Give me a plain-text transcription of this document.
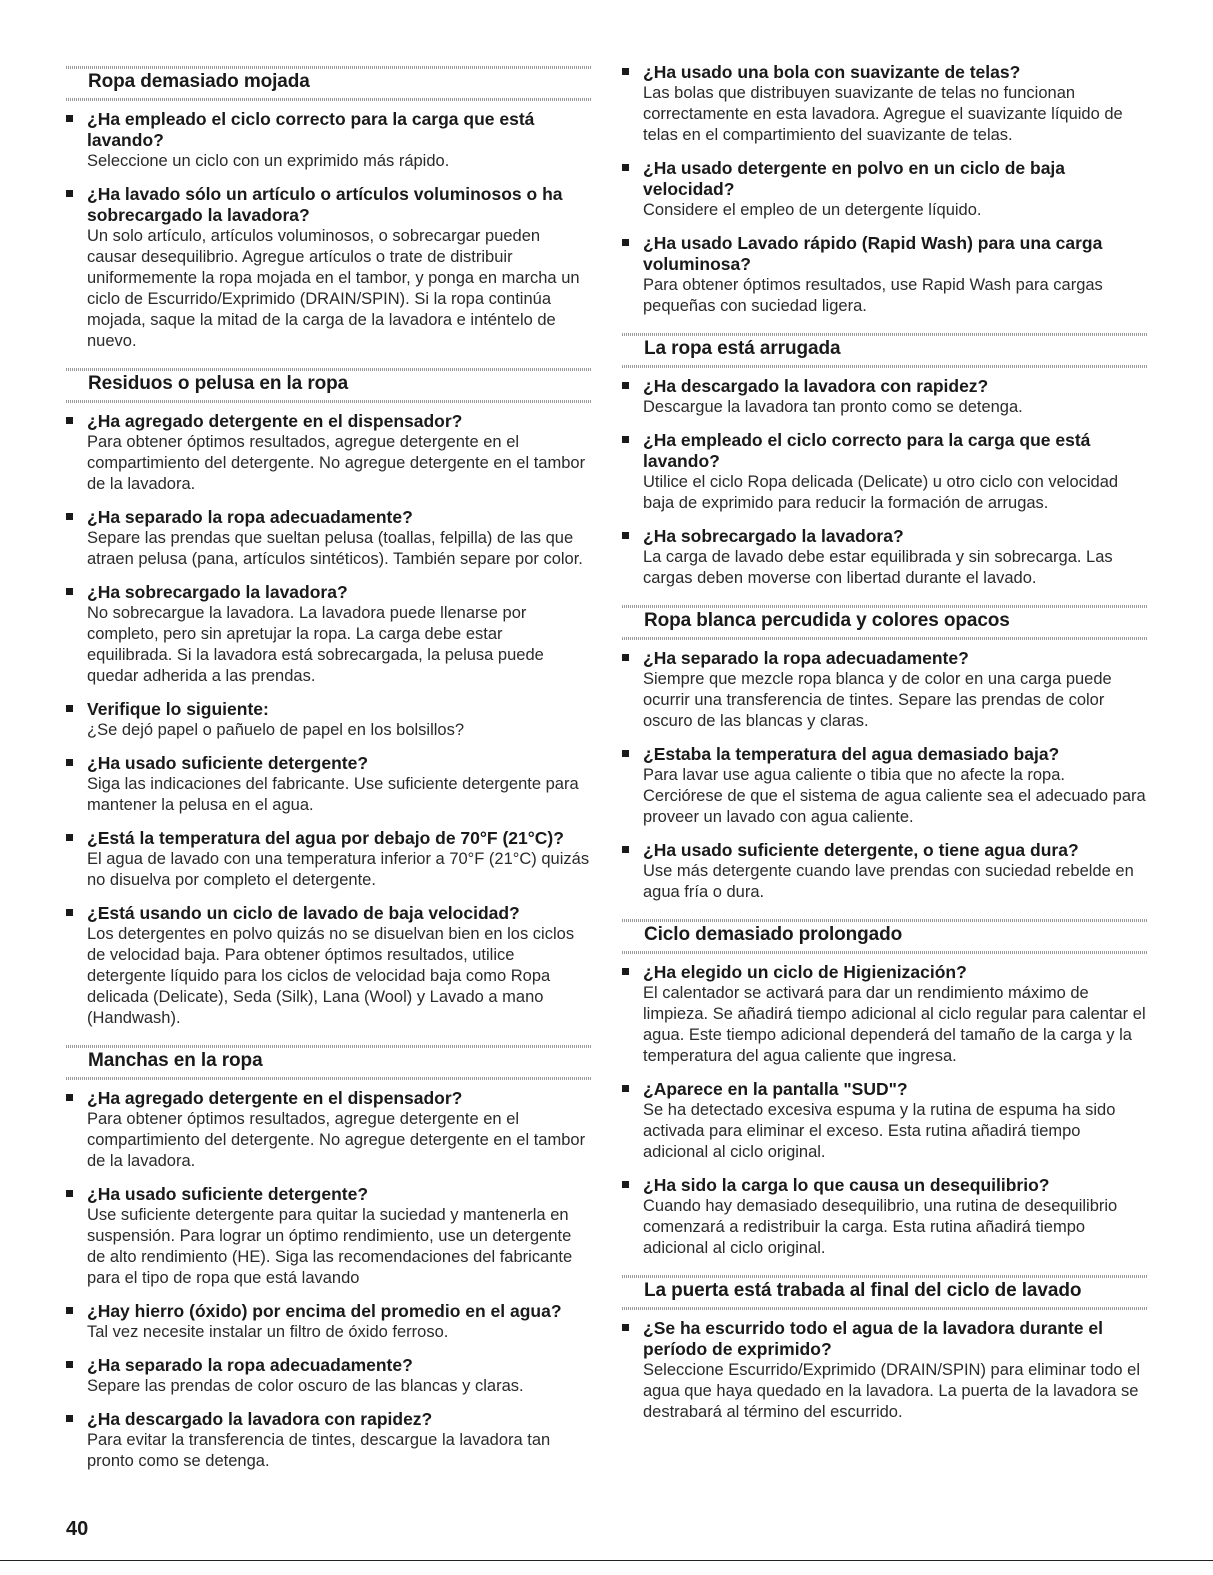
Ropa demasiado mojada
¿Ha empleado el ciclo correcto para la carga que está lavando?
Seleccione un ciclo con un exprimido más rápido.
¿Ha lavado sólo un artículo o artículos voluminosos o ha sobrecargado la lavadora?
Un solo artículo, artículos voluminosos, o sobrecargar pueden causar desequilibrio. Agregue artículos o trate de distribuir uniformemente la ropa mojada en el tambor, y ponga en marcha un ciclo de Escurrido/Exprimido (DRAIN/SPIN). Si la ropa continúa mojada, saque la mitad de la carga de la lavadora e inténtelo de nuevo.
Residuos o pelusa en la ropa
¿Ha agregado detergente en el dispensador?
Para obtener óptimos resultados, agregue detergente en el compartimiento del detergente. No agregue detergente en el tambor de la lavadora.
¿Ha separado la ropa adecuadamente?
Separe las prendas que sueltan pelusa (toallas, felpilla) de las que atraen pelusa (pana, artículos sintéticos). También separe por color.
¿Ha sobrecargado la lavadora?
No sobrecargue la lavadora. La lavadora puede llenarse por completo, pero sin apretujar la ropa. La carga debe estar equilibrada. Si la lavadora está sobrecargada, la pelusa puede quedar adherida a las prendas.
Verifique lo siguiente:
¿Se dejó papel o pañuelo de papel en los bolsillos?
¿Ha usado suficiente detergente?
Siga las indicaciones del fabricante. Use suficiente detergente para mantener la pelusa en el agua.
¿Está la temperatura del agua por debajo de 70°F (21°C)?
El agua de lavado con una temperatura inferior a 70°F (21°C) quizás no disuelva por completo el detergente.
¿Está usando un ciclo de lavado de baja velocidad?
Los detergentes en polvo quizás no se disuelvan bien en los ciclos de velocidad baja. Para obtener óptimos resultados, utilice detergente líquido para los ciclos de velocidad baja como Ropa delicada (Delicate), Seda (Silk), Lana (Wool) y Lavado a mano (Handwash).
Manchas en la ropa
¿Ha agregado detergente en el dispensador?
Para obtener óptimos resultados, agregue detergente en el compartimiento del detergente. No agregue detergente en el tambor de la lavadora.
¿Ha usado suficiente detergente?
Use suficiente detergente para quitar la suciedad y mantenerla en suspensión. Para lograr un óptimo rendimiento, use un detergente de alto rendimiento (HE). Siga las recomendaciones del fabricante para el tipo de ropa que está lavando
¿Hay hierro (óxido) por encima del promedio en el agua?
Tal vez necesite instalar un filtro de óxido ferroso.
¿Ha separado la ropa adecuadamente?
Separe las prendas de color oscuro de las blancas y claras.
¿Ha descargado la lavadora con rapidez?
Para evitar la transferencia de tintes, descargue la lavadora tan pronto como se detenga.
¿Ha usado una bola con suavizante de telas?
Las bolas que distribuyen suavizante de telas no funcionan correctamente en esta lavadora. Agregue el suavizante líquido de telas en el compartimiento del suavizante de telas.
¿Ha usado detergente en polvo en un ciclo de baja velocidad?
Considere el empleo de un detergente líquido.
¿Ha usado Lavado rápido (Rapid Wash) para una carga voluminosa?
Para obtener óptimos resultados, use Rapid Wash para cargas pequeñas con suciedad ligera.
La ropa está arrugada
¿Ha descargado la lavadora con rapidez?
Descargue la lavadora tan pronto como se detenga.
¿Ha empleado el ciclo correcto para la carga que está lavando?
Utilice el ciclo Ropa delicada (Delicate) u otro ciclo con velocidad baja de exprimido para reducir la formación de arrugas.
¿Ha sobrecargado la lavadora?
La carga de lavado debe estar equilibrada y sin sobrecarga. Las cargas deben moverse con libertad durante el lavado.
Ropa blanca percudida y colores opacos
¿Ha separado la ropa adecuadamente?
Siempre que mezcle ropa blanca y de color en una carga puede ocurrir una transferencia de tintes. Separe las prendas de color oscuro de las blancas y claras.
¿Estaba la temperatura del agua demasiado baja?
Para lavar use agua caliente o tibia que no afecte la ropa. Cerciórese de que el sistema de agua caliente sea el adecuado para proveer un lavado con agua caliente.
¿Ha usado suficiente detergente, o tiene agua dura?
Use más detergente cuando lave prendas con suciedad rebelde en agua fría o dura.
Ciclo demasiado prolongado
¿Ha elegido un ciclo de Higienización?
El calentador se activará para dar un rendimiento máximo de limpieza. Se añadirá tiempo adicional al ciclo regular para calentar el agua. Este tiempo adicional dependerá del tamaño de la carga y la temperatura del agua caliente que ingresa.
¿Aparece en la pantalla "SUD"?
Se ha detectado excesiva espuma y la rutina de espuma ha sido activada para eliminar el exceso. Esta rutina añadirá tiempo adicional al ciclo original.
¿Ha sido la carga lo que causa un desequilibrio?
Cuando hay demasiado desequilibrio, una rutina de desequilibrio comenzará a redistribuir la carga. Esta rutina añadirá tiempo adicional al ciclo original.
La puerta está trabada al final del ciclo de lavado
¿Se ha escurrido todo el agua de la lavadora durante el período de exprimido?
Seleccione Escurrido/Exprimido (DRAIN/SPIN) para eliminar todo el agua que haya quedado en la lavadora. La puerta de la lavadora se destrabará al término del escurrido.
40
